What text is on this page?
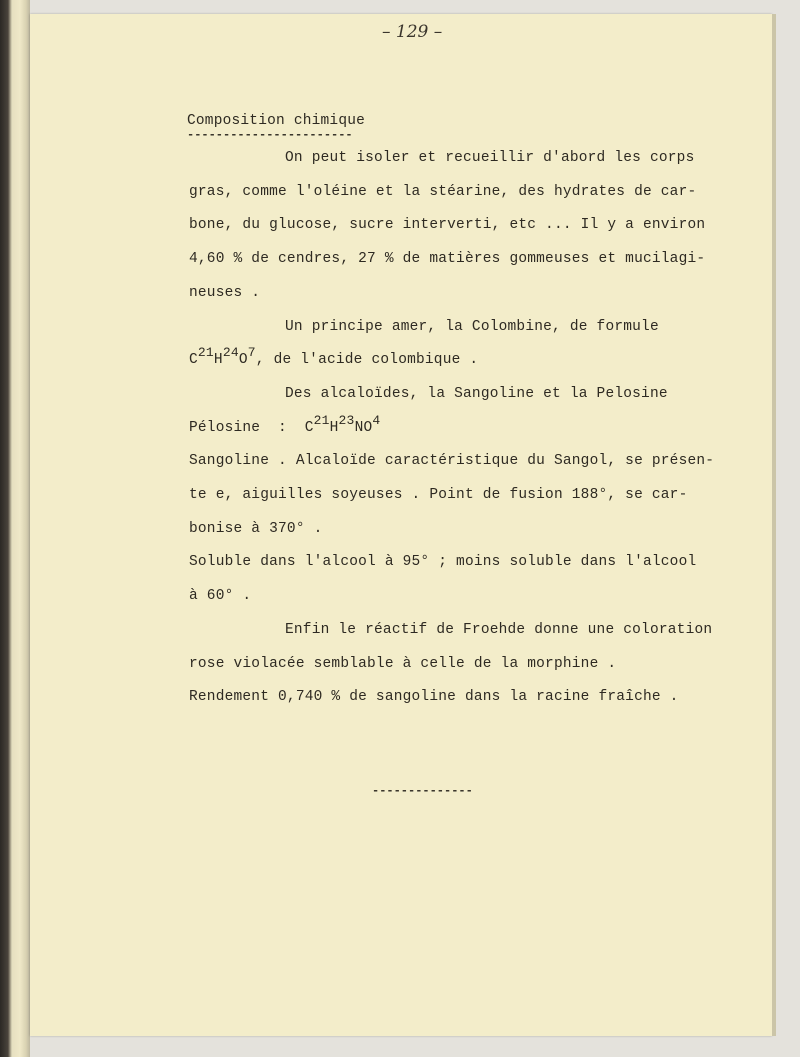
– 129 –
Composition chimique
-----------------------
On peut isoler et recueillir d'abord les corps
gras, comme l'oléine et la stéarine, des hydrates de car-
bone, du glucose, sucre interverti, etc ... Il y a environ
4,60 % de cendres, 27 % de matières gommeuses et mucilagi-
neuses .
Un principe amer, la Colombine, de formule
C21H24O7, de l'acide colombique .
Des alcaloïdes, la Sangoline et la Pelosine
Pélosine  :  C21H23NO4
Sangoline . Alcaloïde caractéristique du Sangol, se présen-
te e, aiguilles soyeuses . Point de fusion 188°, se car-
bonise à 370° .
Soluble dans l'alcool à 95° ; moins soluble dans l'alcool
à 60° .
Enfin le réactif de Froehde donne une coloration
rose violacée semblable à celle de la morphine .
Rendement 0,740 % de sangoline dans la racine fraîche .
--------------
